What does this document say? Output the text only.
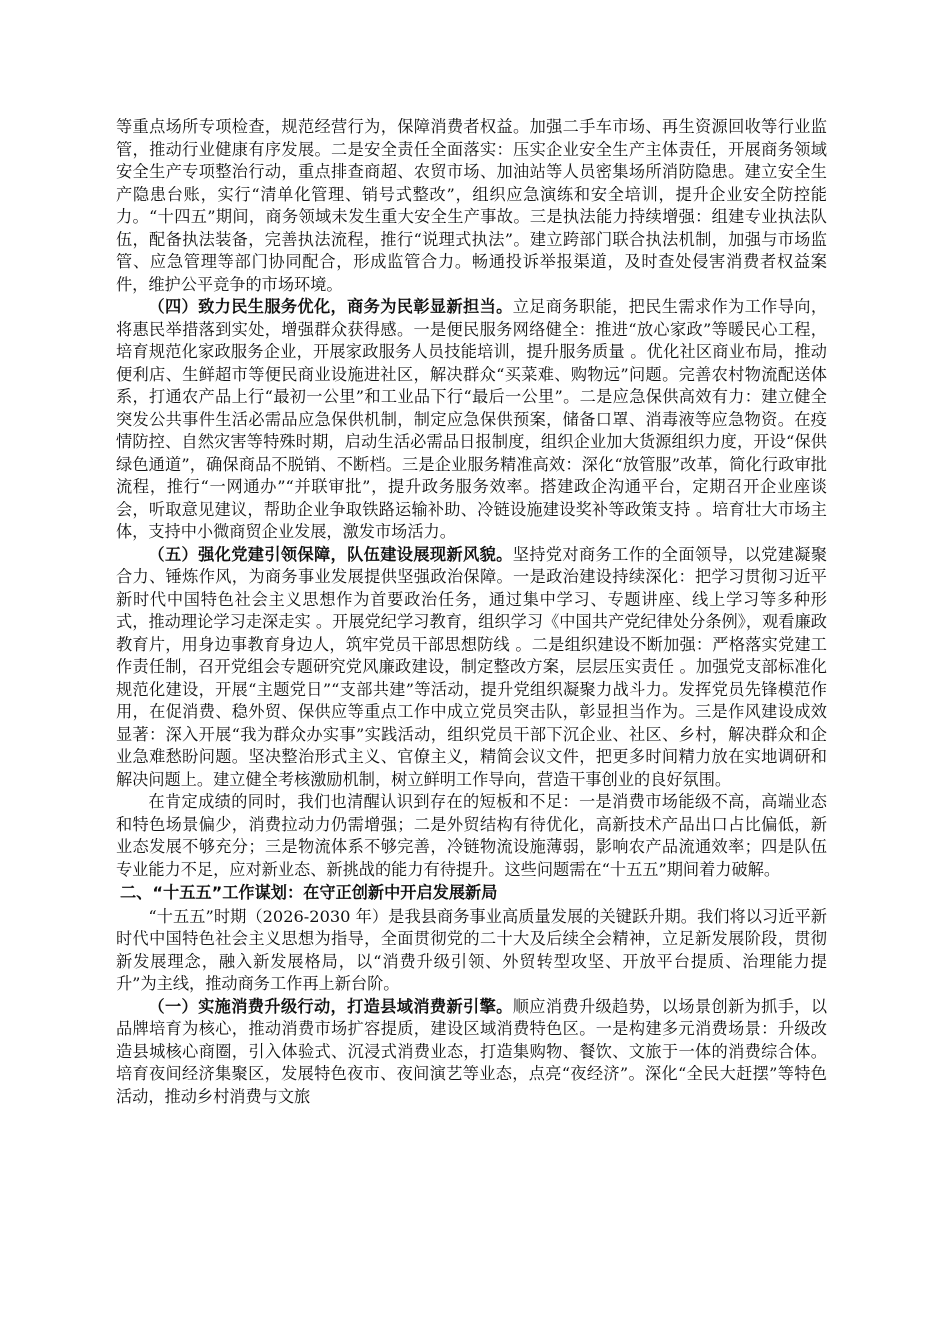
等重点场所专项检查，规范经营行为，保障消费者权益。加强二手车市场、再生资源回收等行业监管，推动行业健康有序发展。二是安全责任全面落实：压实企业安全生产主体责任，开展商务领域安全生产专项整治行动，重点排查商超、农贸市场、加油站等人员密集场所消防隐患。建立安全生产隐患台账，实行“清单化管理、销号式整改”，组织应急演练和安全培训，提升企业安全防控能力。“十四五”期间，商务领域未发生重大安全生产事故。三是执法能力持续增强：组建专业执法队伍，配备执法装备，完善执法流程，推行“说理式执法”。建立跨部门联合执法机制，加强与市场监管、应急管理等部门协同配合，形成监管合力。畅通投诉举报渠道，及时查处侵害消费者权益案件，维护公平竞争的市场环境。

（四）致力民生服务优化，商务为民彰显新担当。立足商务职能，把民生需求作为工作导向，将惠民举措落到实处，增强群众获得感。一是便民服务网络健全：推进“放心家政”等暖民心工程，培育规范化家政服务企业，开展家政服务人员技能培训，提升服务质量 。优化社区商业布局，推动便利店、生鲜超市等便民商业设施进社区，解决群众“买菜难、购物远”问题。完善农村物流配送体系，打通农产品上行“最初一公里”和工业品下行“最后一公里”。二是应急保供高效有力：建立健全突发公共事件生活必需品应急保供机制，制定应急保供预案，储备口罩、消毒液等应急物资。在疫情防控、自然灾害等特殊时期，启动生活必需品日报制度，组织企业加大货源组织力度，开设“保供绿色通道”，确保商品不脱销、不断档。三是企业服务精准高效：深化“放管服”改革，简化行政审批流程，推行“一网通办”“并联审批”，提升政务服务效率。搭建政企沟通平台，定期召开企业座谈会，听取意见建议，帮助企业争取铁路运输补助、冷链设施建设奖补等政策支持 。培育壮大市场主体，支持中小微商贸企业发展，激发市场活力。

（五）强化党建引领保障，队伍建设展现新风貌。坚持党对商务工作的全面领导，以党建凝聚合力、锤炼作风，为商务事业发展提供坚强政治保障。一是政治建设持续深化：把学习贯彻习近平新时代中国特色社会主义思想作为首要政治任务，通过集中学习、专题讲座、线上学习等多种形式，推动理论学习走深走实 。开展党纪学习教育，组织学习《中国共产党纪律处分条例》，观看廉政教育片，用身边事教育身边人，筑牢党员干部思想防线 。二是组织建设不断加强：严格落实党建工作责任制，召开党组会专题研究党风廉政建设，制定整改方案，层层压实责任 。加强党支部标准化规范化建设，开展“主题党日”“支部共建”等活动，提升党组织凝聚力战斗力。发挥党员先锋模范作用，在促消费、稳外贸、保供应等重点工作中成立党员突击队，彰显担当作为。三是作风建设成效显著：深入开展“我为群众办实事”实践活动，组织党员干部下沉企业、社区、乡村，解决群众和企业急难愁盼问题。坚决整治形式主义、官僚主义，精简会议文件，把更多时间精力放在实地调研和解决问题上。建立健全考核激励机制，树立鲜明工作导向，营造干事创业的良好氛围。

在肯定成绩的同时，我们也清醒认识到存在的短板和不足：一是消费市场能级不高，高端业态和特色场景偏少，消费拉动力仍需增强；二是外贸结构有待优化，高新技术产品出口占比偏低，新业态发展不够充分；三是物流体系不够完善，冷链物流设施薄弱，影响农产品流通效率；四是队伍专业能力不足，应对新业态、新挑战的能力有待提升。这些问题需在“十五五”期间着力破解。

二、“十五五”工作谋划：在守正创新中开启发展新局

“十五五”时期（2026-2030 年）是我县商务事业高质量发展的关键跃升期。我们将以习近平新时代中国特色社会主义思想为指导，全面贯彻党的二十大及后续全会精神，立足新发展阶段，贯彻新发展理念，融入新发展格局，以“消费升级引领、外贸转型攻坚、开放平台提质、治理能力提升”为主线，推动商务工作再上新台阶。

（一）实施消费升级行动，打造县域消费新引擎。顺应消费升级趋势，以场景创新为抓手，以品牌培育为核心，推动消费市场扩容提质，建设区域消费特色区。一是构建多元消费场景：升级改造县城核心商圈，引入体验式、沉浸式消费业态，打造集购物、餐饮、文旅于一体的消费综合体。培育夜间经济集聚区，发展特色夜市、夜间演艺等业态，点亮“夜经济”。深化“全民大赶摆”等特色活动，推动乡村消费与文旅
